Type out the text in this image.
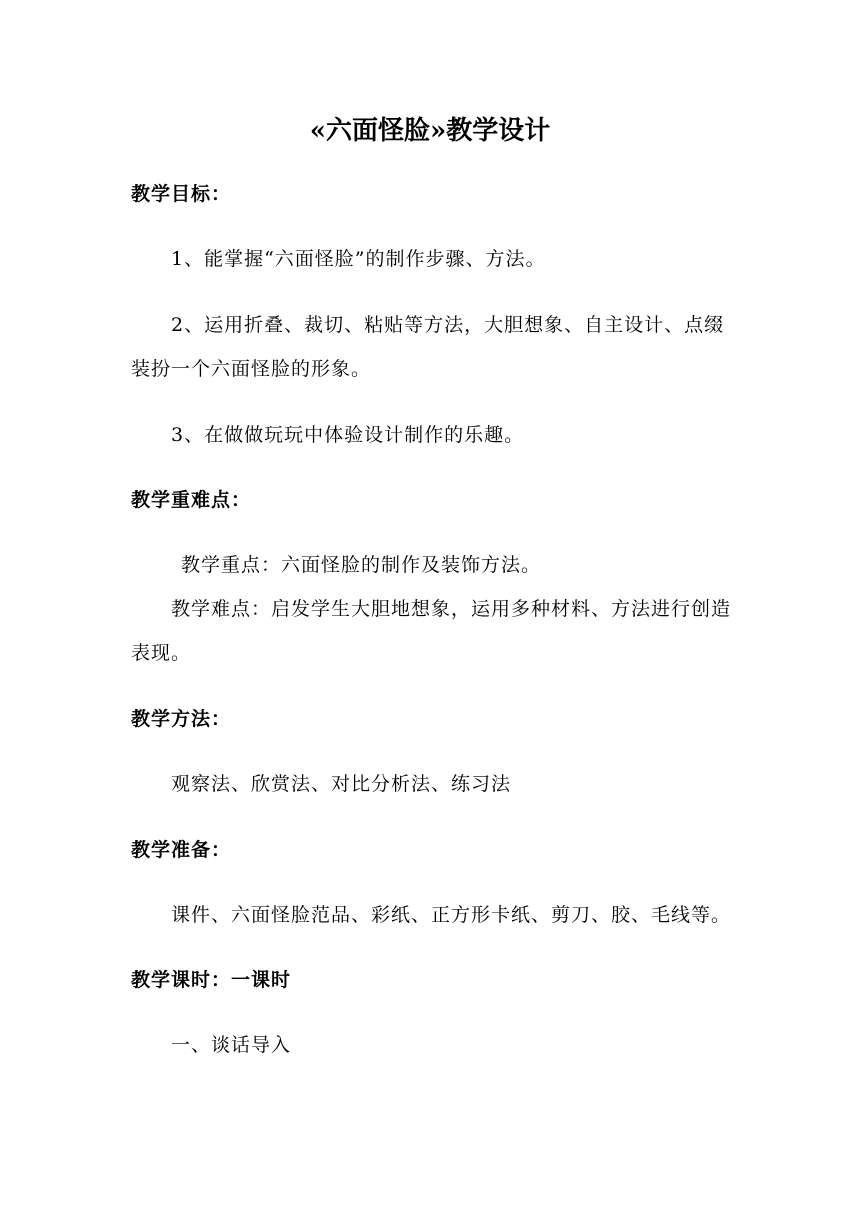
«六面怪脸»教学设计
教学目标：
1、能掌握“六面怪脸”的制作步骤、方法。
2、运用折叠、裁切、粘贴等方法，大胆想象、自主设计、点缀
装扮一个六面怪脸的形象。
3、在做做玩玩中体验设计制作的乐趣。
教学重难点：
教学重点：六面怪脸的制作及装饰方法。
教学难点：启发学生大胆地想象，运用多种材料、方法进行创造
表现。
教学方法：
观察法、欣赏法、对比分析法、练习法
教学准备：
课件、六面怪脸范品、彩纸、正方形卡纸、剪刀、胶、毛线等。
教学课时：一课时
一、谈话导入
